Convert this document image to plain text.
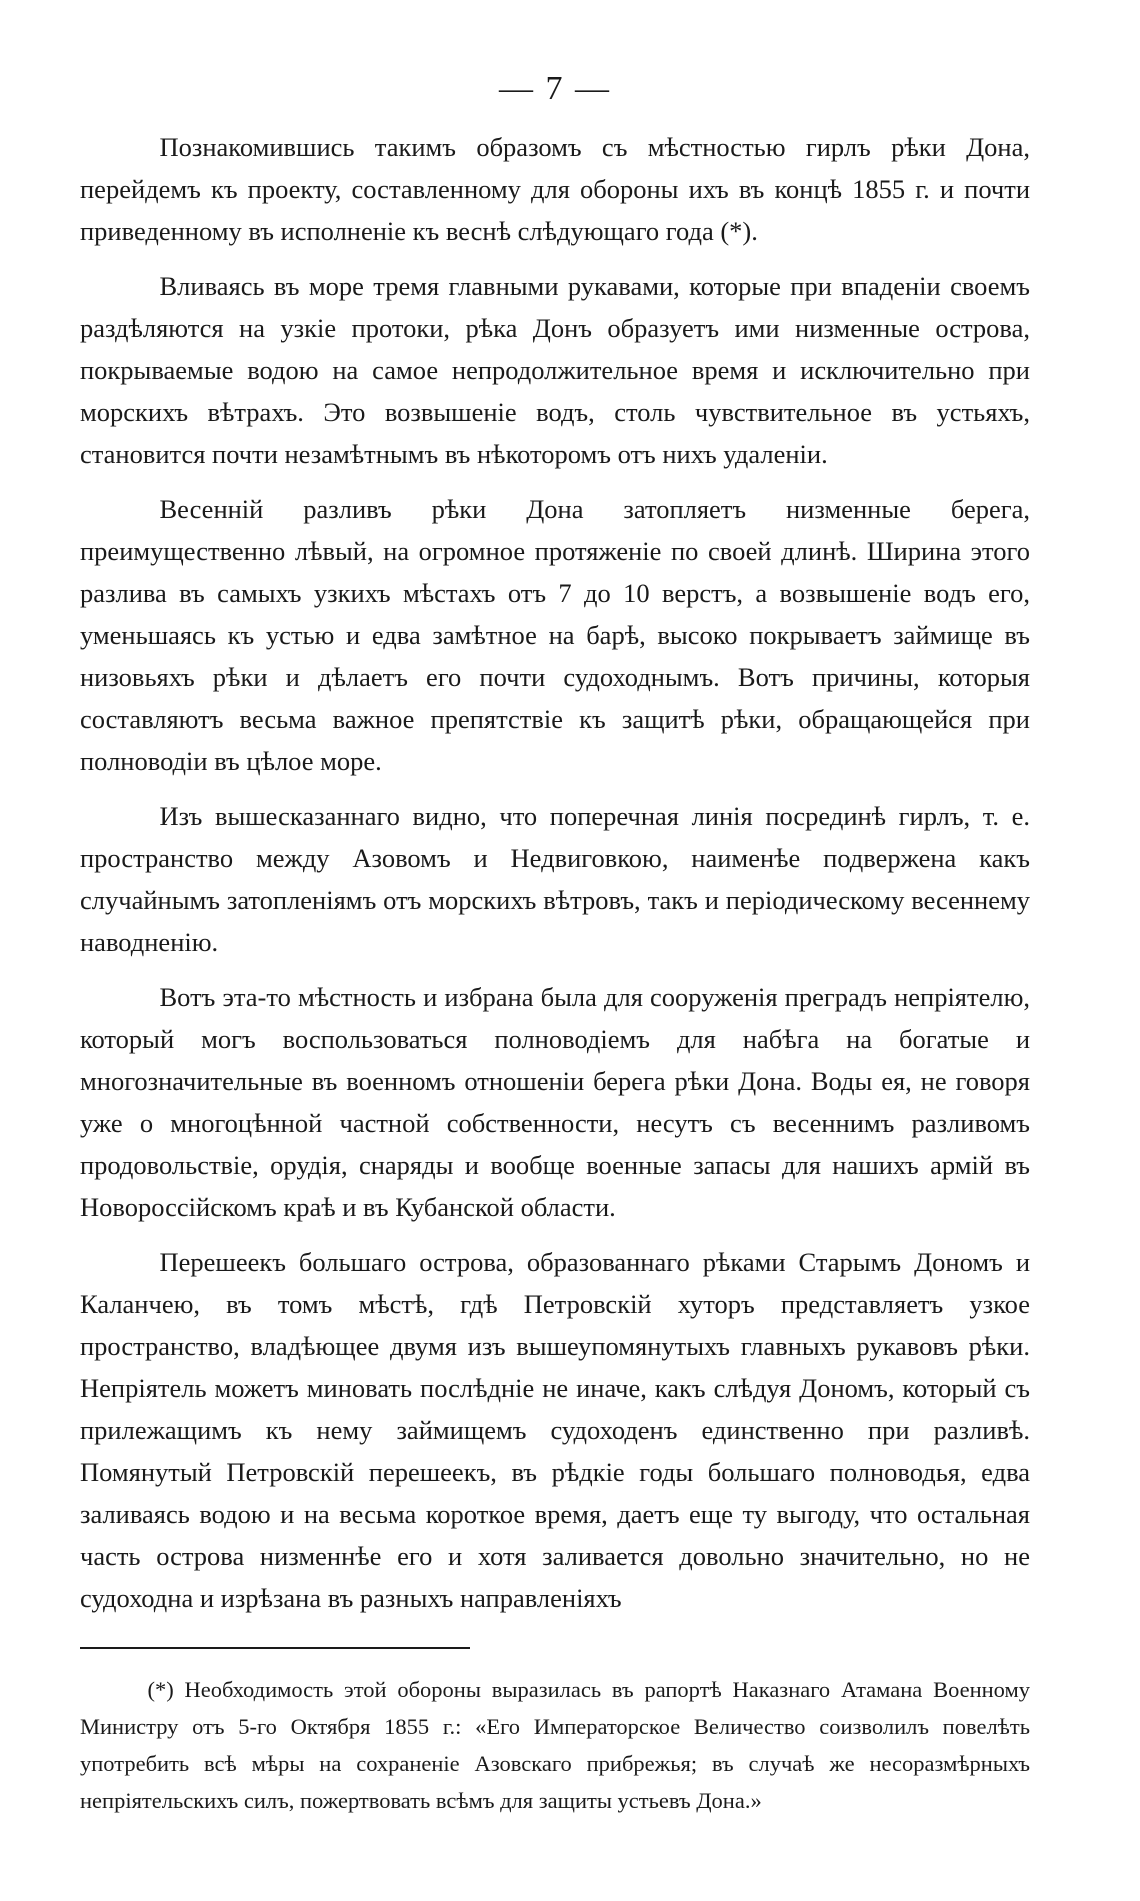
— 7 —

Познакомившись такимъ образомъ съ мѣстностью гирлъ рѣки Дона, перейдемъ къ проекту, составленному для обороны ихъ въ концѣ 1855 г. и почти приведенному въ исполненіе къ веснѣ слѣдующаго года (*).

Вливаясь въ море тремя главными рукавами, которые при впаденіи своемъ раздѣляются на узкіе протоки, рѣка Донъ образуетъ ими низменные острова, покрываемые водою на самое непродолжительное время и исключительно при морскихъ вѣтрахъ. Это возвышеніе водъ, столь чувствительное въ устьяхъ, становится почти незамѣтнымъ въ нѣкоторомъ отъ нихъ удаленіи.

Весенній разливъ рѣки Дона затопляетъ низменные берега, преимущественно лѣвый, на огромное протяженіе по своей длинѣ. Ширина этого разлива въ самыхъ узкихъ мѣстахъ отъ 7 до 10 верстъ, а возвышеніе водъ его, уменьшаясь къ устью и едва замѣтное на барѣ, высоко покрываетъ займище въ низовьяхъ рѣки и дѣлаетъ его почти судоходнымъ. Вотъ причины, которыя составляютъ весьма важное препятствіе къ защитѣ рѣки, обращающейся при полноводіи въ цѣлое море.

Изъ вышесказаннаго видно, что поперечная линія посрединѣ гирлъ, т. е. пространство между Азовомъ и Недвиговкою, наименѣе подвержена какъ случайнымъ затопленіямъ отъ морскихъ вѣтровъ, такъ и періодическому весеннему наводненію.

Вотъ эта-то мѣстность и избрана была для сооруженія преградъ непріятелю, который могъ воспользоваться полноводіемъ для набѣга на богатые и многозначительные въ военномъ отношеніи берега рѣки Дона. Воды ея, не говоря уже о многоцѣнной частной собственности, несутъ съ весеннимъ разливомъ продовольствіе, орудія, снаряды и вообще военные запасы для нашихъ армій въ Новороссійскомъ краѣ и въ Кубанской области.

Перешеекъ большаго острова, образованнаго рѣками Старымъ Дономъ и Каланчею, въ томъ мѣстѣ, гдѣ Петровскій хуторъ представляетъ узкое пространство, владѣющее двумя изъ вышеупомянутыхъ главныхъ рукавовъ рѣки. Непріятель можетъ миновать послѣдніе не иначе, какъ слѣдуя Дономъ, который съ прилежащимъ къ нему займищемъ судоходенъ единственно при разливѣ. Помянутый Петровскій перешеекъ, въ рѣдкіе годы большаго полноводья, едва заливаясь водою и на весьма короткое время, даетъ еще ту выгоду, что остальная часть острова низменнѣе его и хотя заливается довольно значительно, но не судоходна и изрѣзана въ разныхъ направленіяхъ

(*) Необходимость этой обороны выразилась въ рапортѣ Наказнаго Атамана Военному Министру отъ 5-го Октября 1855 г.: «Его Императорское Величество соизволилъ повелѣть употребить всѣ мѣры на сохраненіе Азовскаго прибрежья; въ случаѣ же несоразмѣрныхъ непріятельскихъ силъ, пожертвовать всѣмъ для защиты устьевъ Дона.»
